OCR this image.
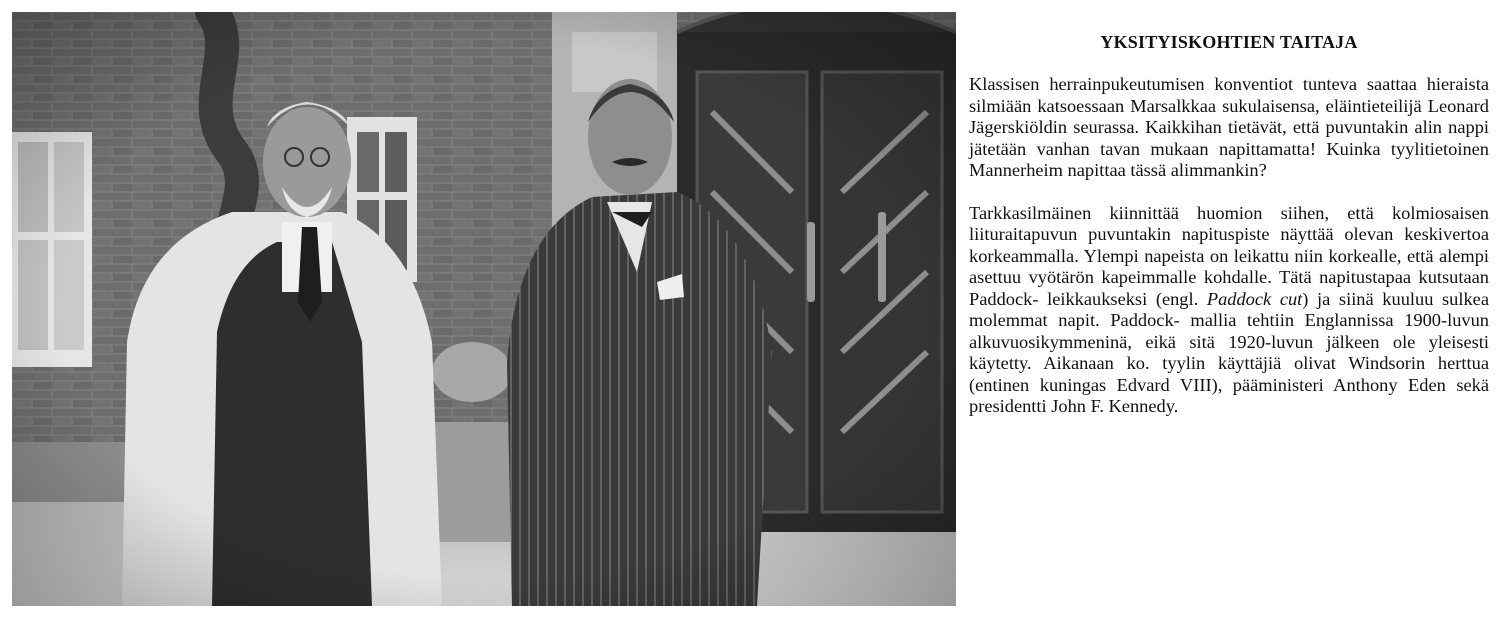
YKSITYISKOHTIEN TAITAJA

Klassisen herrainpukeutumisen konventiot tunteva saattaa hieraista silmiään katsoessaan Marsalkkaa sukulaisensa, eläintieteilijä Leonard Jägerskiöldin seurassa. Kaikkihan tietävät, että puvuntakin alin nappi jätetään vanhan tavan mukaan napittamatta! Kuinka tyylitietoinen Mannerheim napittaa tässä alimmankin?

Tarkkasilmäinen kiinnittää huomion siihen, että kolmiosaisen liituraitapuvun puvuntakin napituspiste näyttää olevan keskivertoa korkeammalla. Ylempi napeista on leikattu niin korkealle, että alempi asettuu vyötärön kapeimmalle kohdalle. Tätä napitustapaa kutsutaan Paddock- leikkaukseksi (engl. Paddock cut) ja siinä kuuluu sulkea molemmat napit. Paddock- mallia tehtiin Englannissa 1900-luvun alkuvuosikymmeninä, eikä sitä 1920-luvun jälkeen ole yleisesti käytetty. Aikanaan ko. tyylin käyttäjiä olivat Windsorin herttua (entinen kuningas Edvard VIII), pääministeri Anthony Eden sekä presidentti John F. Kennedy.
